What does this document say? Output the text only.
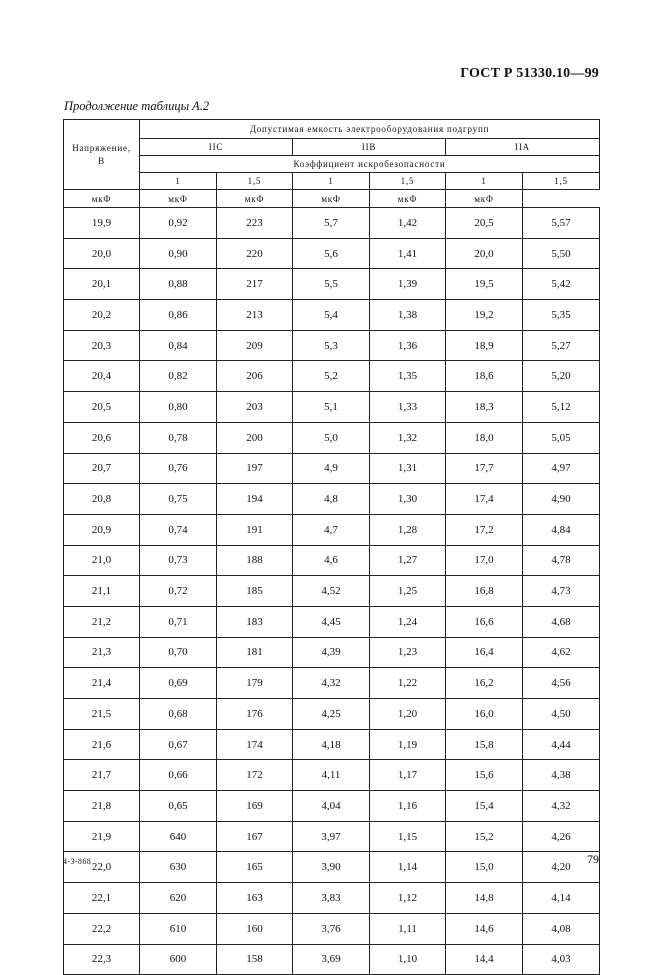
ГОСТ Р 51330.10—99
Продолжение таблицы А.2
Напряжение,
В	Допустимая емкость электрооборудования подгрупп					
	IIC		IIB		IIA	
	Коэффициент искробезопасности					
	1	1,5	1	1,5	1	1,5
мкФ	мкФ	мкФ	мкФ	мкФ	мкФ	
19,9	0,92	223	5,7	1,42	20,5	5,57
20,0	0,90	220	5,6	1,41	20,0	5,50
20,1	0,88	217	5,5	1,39	19,5	5,42
20,2	0,86	213	5,4	1,38	19,2	5,35
20,3	0,84	209	5,3	1,36	18,9	5,27
20,4	0,82	206	5,2	1,35	18,6	5,20
20,5	0,80	203	5,1	1,33	18,3	5,12
20,6	0,78	200	5,0	1,32	18,0	5,05
20,7	0,76	197	4,9	1,31	17,7	4,97
20,8	0,75	194	4,8	1,30	17,4	4,90
20,9	0,74	191	4,7	1,28	17,2	4,84
21,0	0,73	188	4,6	1,27	17,0	4,78
21,1	0,72	185	4,52	1,25	16,8	4,73
21,2	0,71	183	4,45	1,24	16,6	4,68
21,3	0,70	181	4,39	1,23	16,4	4,62
21,4	0,69	179	4,32	1,22	16,2	4,56
21,5	0,68	176	4,25	1,20	16,0	4,50
21,6	0,67	174	4,18	1,19	15,8	4,44
21,7	0,66	172	4,11	1,17	15,6	4,38
21,8	0,65	169	4,04	1,16	15,4	4,32
21,9	640	167	3,97	1,15	15,2	4,26
22,0	630	165	3,90	1,14	15,0	4,20
22,1	620	163	3,83	1,12	14,8	4,14
22,2	610	160	3,76	1,11	14,6	4,08
22,3	600	158	3,69	1,10	14,4	4,03
4-3-868	79
